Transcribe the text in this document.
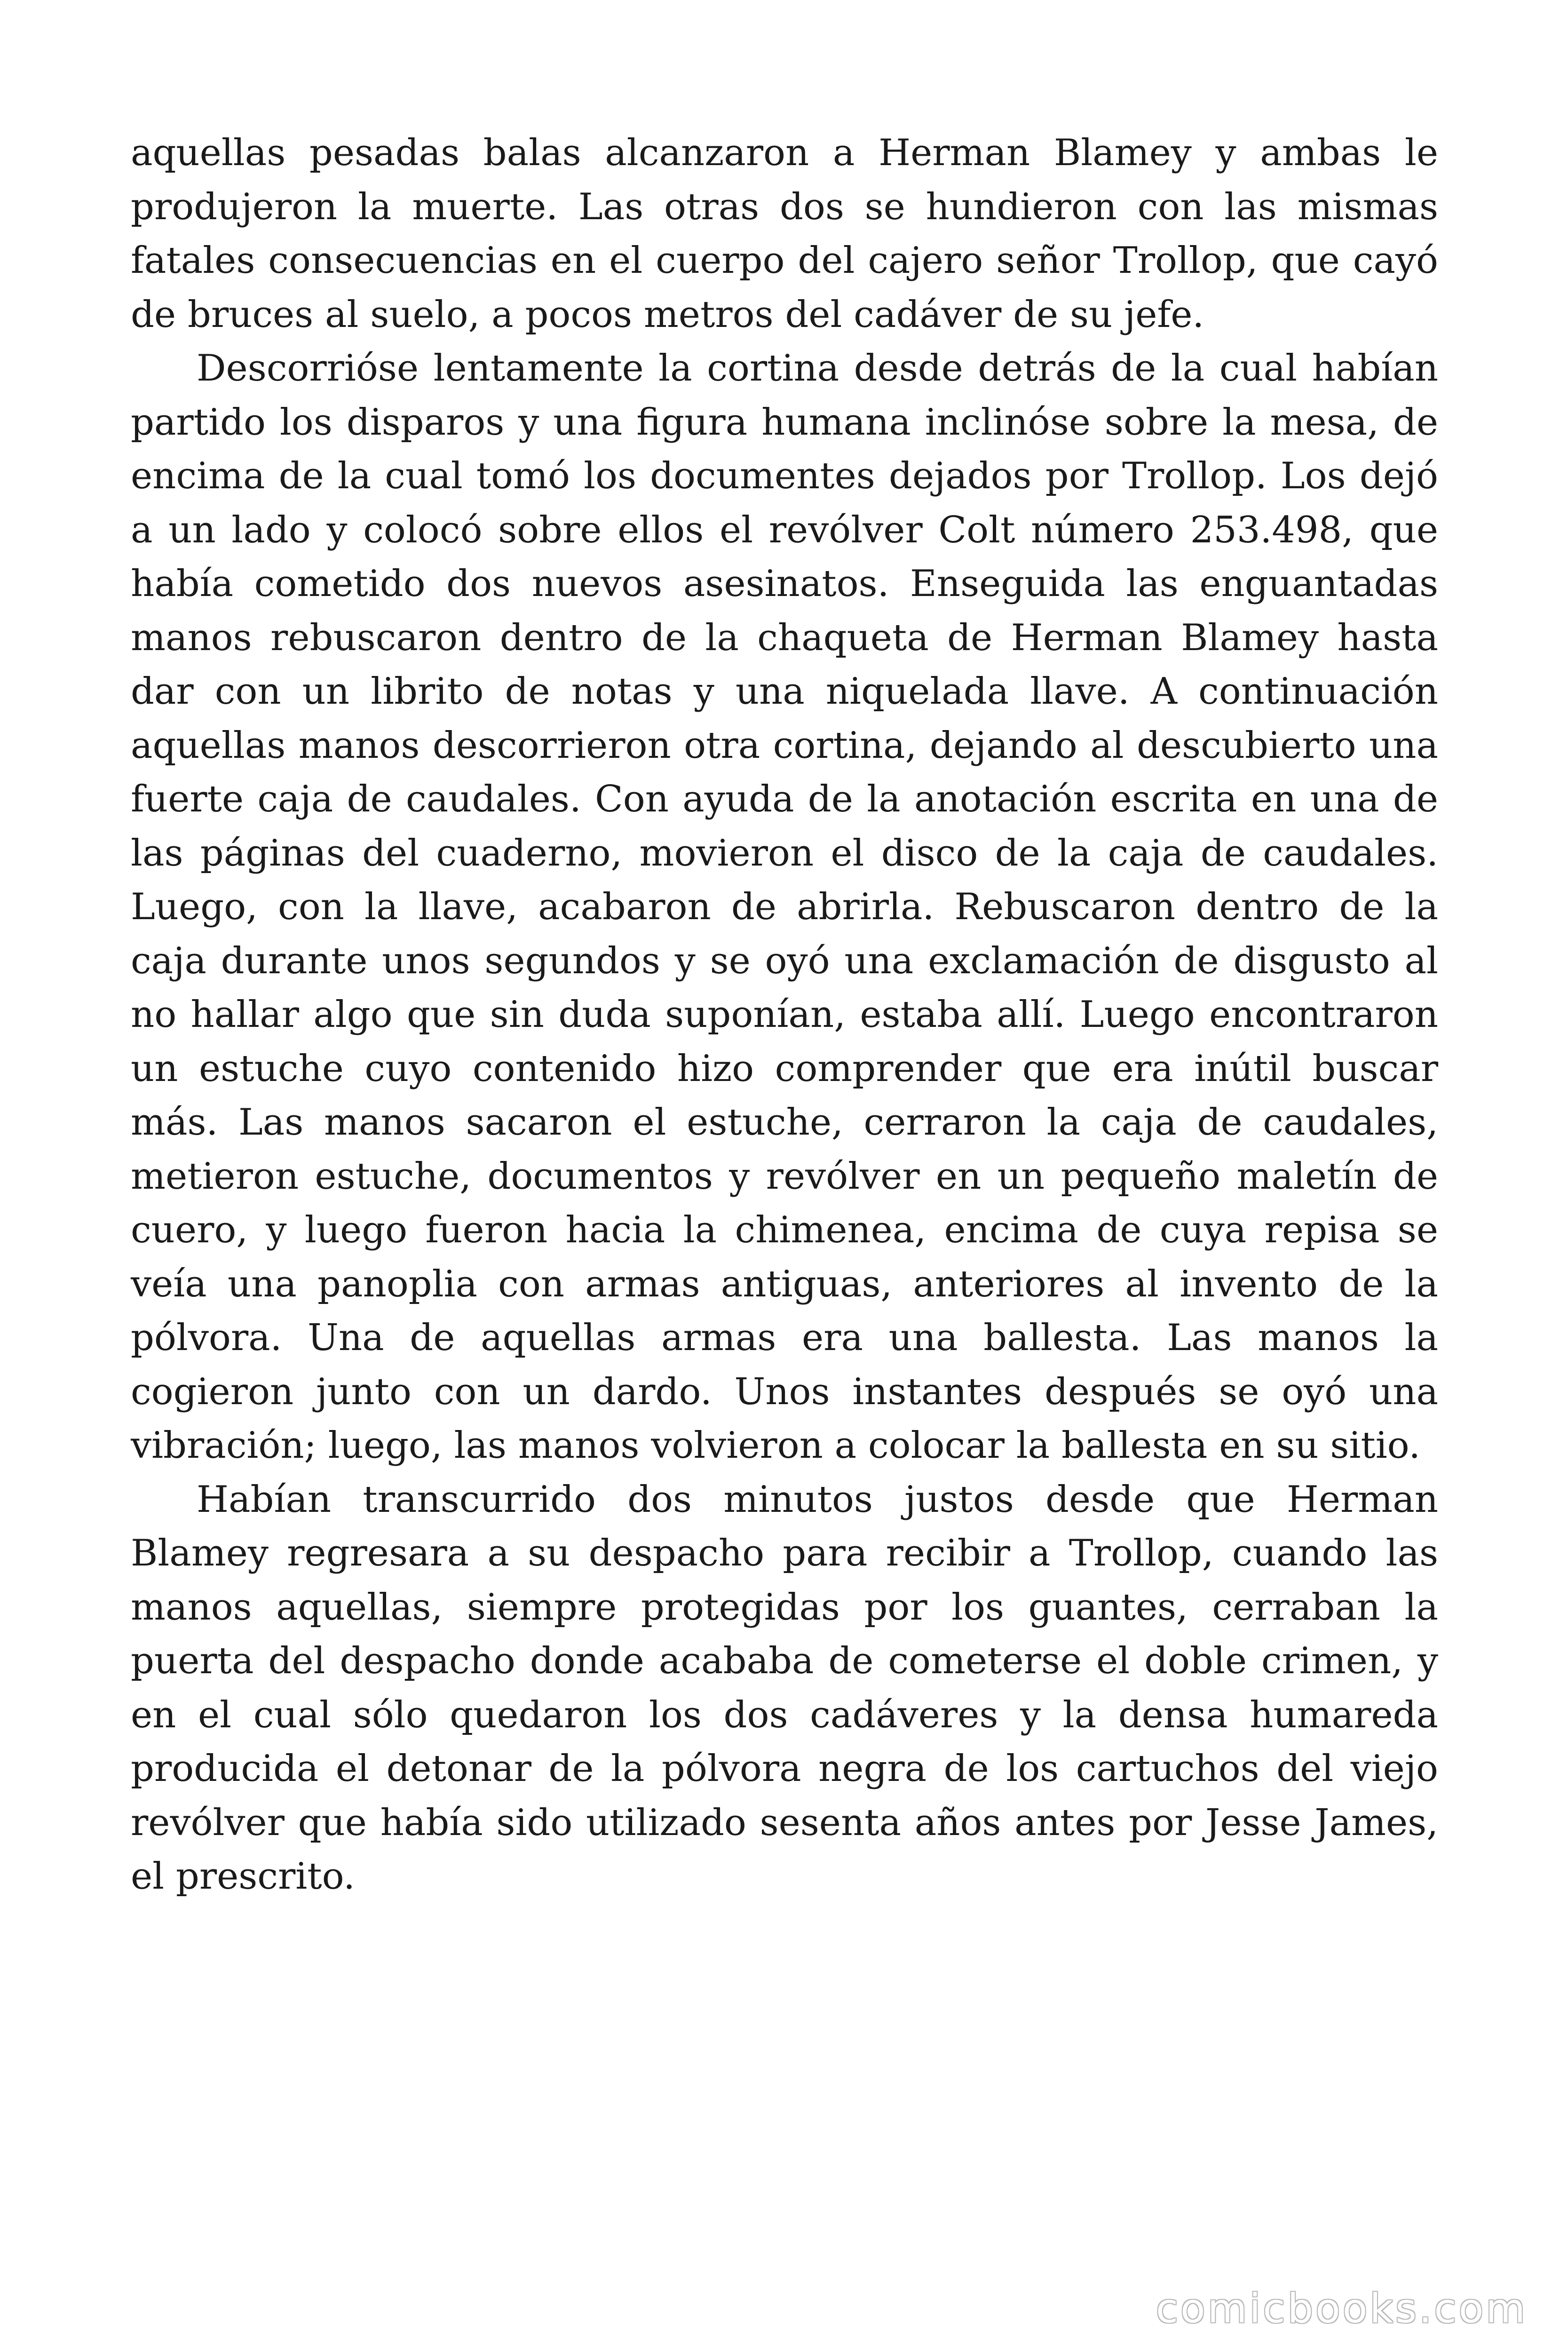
aquellas pesadas balas alcanzaron a Herman Blamey y ambas le produjeron la muerte. Las otras dos se hundieron con las mismas fatales consecuencias en el cuerpo del cajero señor Trollop, que cayó de bruces al suelo, a pocos metros del cadáver de su jefe.

Descorrióse lentamente la cortina desde detrás de la cual habían partido los disparos y una figura humana inclinóse sobre la mesa, de encima de la cual tomó los documentes dejados por Trollop. Los dejó a un lado y colocó sobre ellos el revólver Colt número 253.498, que había cometido dos nuevos asesinatos. Enseguida las enguantadas manos rebuscaron dentro de la chaqueta de Herman Blamey hasta dar con un librito de notas y una niquelada llave. A continuación aquellas manos descorrieron otra cortina, dejando al descubierto una fuerte caja de caudales. Con ayuda de la anotación escrita en una de las páginas del cuaderno, movieron el disco de la caja de caudales. Luego, con la llave, acabaron de abrirla. Rebuscaron dentro de la caja durante unos segundos y se oyó una exclamación de disgusto al no hallar algo que sin duda suponían, estaba allí. Luego encontraron un estuche cuyo contenido hizo comprender que era inútil buscar más. Las manos sacaron el estuche, cerraron la caja de caudales, metieron estuche, documentos y revólver en un pequeño maletín de cuero, y luego fueron hacia la chimenea, encima de cuya repisa se veía una panoplia con armas antiguas, anteriores al invento de la pólvora. Una de aquellas armas era una ballesta. Las manos la cogieron junto con un dardo. Unos instantes después se oyó una vibración; luego, las manos volvieron a colocar la ballesta en su sitio.

Habían transcurrido dos minutos justos desde que Herman Blamey regresara a su despacho para recibir a Trollop, cuando las manos aquellas, siempre protegidas por los guantes, cerraban la puerta del despacho donde acababa de cometerse el doble crimen, y en el cual sólo quedaron los dos cadáveres y la densa humareda producida el detonar de la pólvora negra de los cartuchos del viejo revólver que había sido utilizado sesenta años antes por Jesse James, el prescrito.

comicbooks.com
